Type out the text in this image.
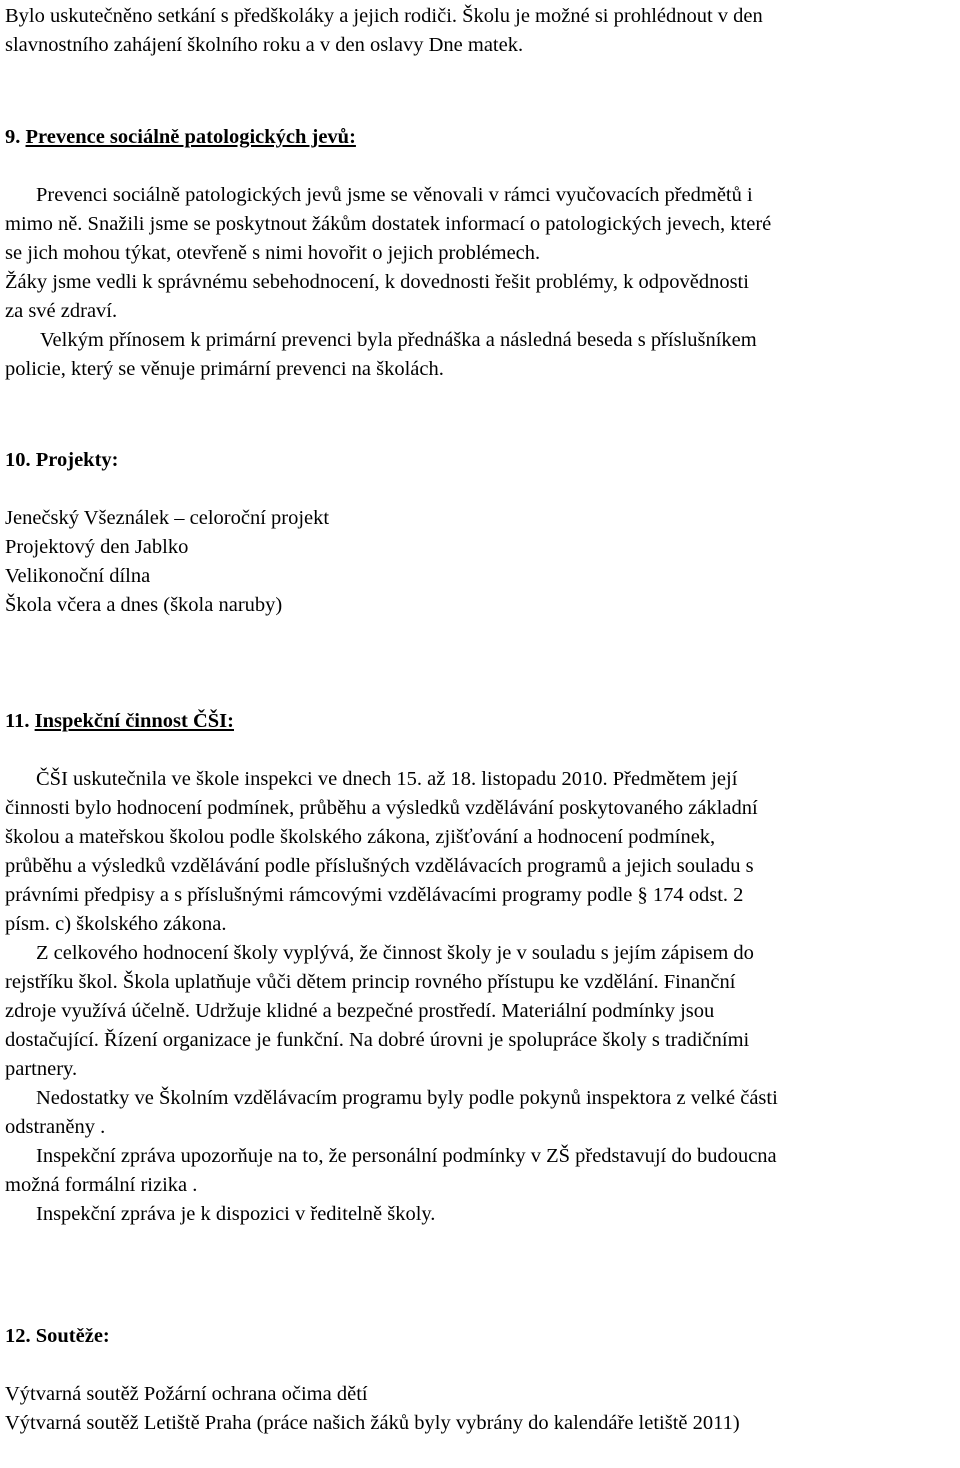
Bylo uskutečněno setkání s předškoláky a jejich rodiči. Školu je možné si prohlédnout v den
slavnostního zahájení školního roku a v den oslavy Dne matek.
9. Prevence sociálně patologických jevů:
Prevenci sociálně patologických jevů jsme se věnovali v rámci vyučovacích předmětů i
mimo ně. Snažili jsme se poskytnout žákům dostatek informací o patologických jevech, které
se jich mohou týkat, otevřeně s nimi hovořit o jejich problémech.
Žáky jsme vedli k správnému sebehodnocení, k dovednosti řešit problémy, k odpovědnosti
za své zdraví.
Velkým přínosem k primární prevenci byla přednáška a následná beseda s příslušníkem
policie, který se věnuje primární prevenci na školách.
10. Projekty:
Jenečský Všeználek – celoroční projekt
Projektový den Jablko
Velikonoční dílna
Škola včera a dnes (škola naruby)
11. Inspekční činnost ČŠI:
ČŠI uskutečnila ve škole inspekci ve dnech 15. až 18. listopadu 2010. Předmětem její
činnosti bylo hodnocení podmínek, průběhu a výsledků vzdělávání poskytovaného základní
školou a mateřskou školou podle školského zákona, zjišťování a hodnocení podmínek,
průběhu a výsledků vzdělávání podle příslušných vzdělávacích programů a jejich souladu s
právními předpisy a s příslušnými rámcovými vzdělávacími programy podle § 174 odst. 2
písm. c) školského zákona.
Z celkového hodnocení školy vyplývá, že činnost školy je v souladu s jejím zápisem do
rejstříku škol. Škola uplatňuje vůči dětem princip rovného přístupu ke vzdělání. Finanční
zdroje využívá účelně. Udržuje klidné a bezpečné prostředí. Materiální podmínky jsou
dostačující. Řízení organizace je funkční. Na dobré úrovni je spolupráce školy s tradičními
partnery.
Nedostatky ve Školním vzdělávacím programu byly podle pokynů inspektora z velké části
odstraněny .
Inspekční zpráva upozorňuje na to, že personální podmínky v ZŠ představují do budoucna
možná formální rizika .
Inspekční zpráva je k dispozici v ředitelně školy.
12. Soutěže:
Výtvarná soutěž Požární ochrana očima dětí
Výtvarná soutěž Letiště Praha (práce našich žáků byly vybrány do kalendáře letiště 2011)
